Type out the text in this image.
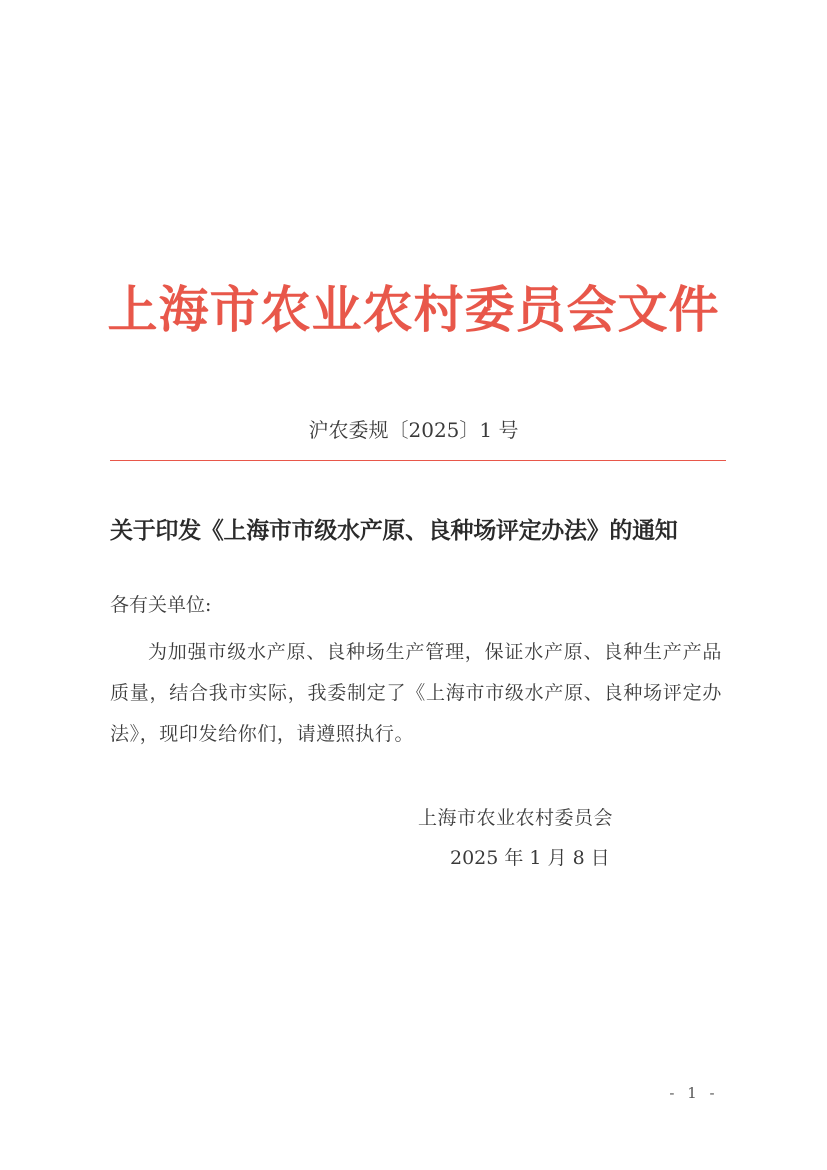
上海市农业农村委员会文件
沪农委规〔2025〕1 号
关于印发《上海市市级水产原、良种场评定办法》的通知
各有关单位:
为加强市级水产原、良种场生产管理，保证水产原、良种生产产品质量，结合我市实际，我委制定了《上海市市级水产原、良种场评定办法》，现印发给你们，请遵照执行。
上海市农业农村委员会
2025 年 1 月 8 日
- 1 -
